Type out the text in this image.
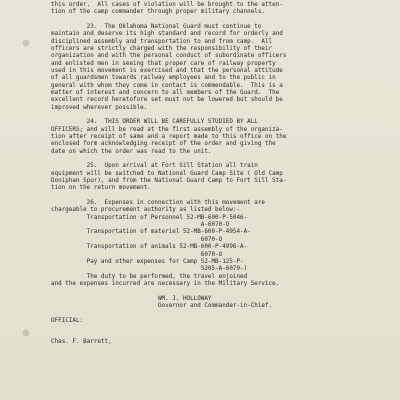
this order.  All cases of violation will be brought to the atten-
tion of the camp commander through proper military channels.
23.  The Oklahoma National Guard must continue to
maintain and deserve its high standard and record for orderly and
disciplined assembly and transportation to and from camp.  All
officers are strictly charged with the responsibility of their
organization and with the personal conduct of subordinate officers
and enlisted men in seeing that proper care of railway property
used in this movement is exercised and that the personal attitude
of all guardsmen towards railway employees and to the public in
general with whom they come in contact is commendable.  This is a
matter of interest and concern to all members of the Guard.  The
excellent record heretofore set must not be lowered but should be
improved wherever possible.
24.  THIS ORDER WILL BE CAREFULLY STUDIED BY ALL
OFFICERS; and will be read at the first assembly of the organiza-
tion after receipt of same and a report made to this office on the
enclosed form acknowledging receipt of the order and giving the
date on which the order was read to the unit.
25.  Upon arrival at Fort Sill Station all train
equipment will be switched to National Guard Camp Site ( Old Camp
Doniphan Spur), and from the National Guard Camp to Fort Sill Sta-
tion on the return movement.
26.  Expenses in connection with this movement are
chargeable to procurement authority as listed below:-
Transportation of Personnel 52-MB-600-P-5046-
A-6070-O
Transportation of materiel 52-MB-600-P-4954-A-
6070-O
Transportation of animals 52-MB-600-P-4996-A-
6070-O
Pay and other expenses for Camp 52-MB-125-P-
5205-A-6070-)
The duty to be performed, the travel enjoined
and the expenses incurred are necessary in the Military Service.
WM. J. HOLLOWAY
Governor and Commander-in-Chief.
OFFICIAL:
Chas. F. Barrett,
